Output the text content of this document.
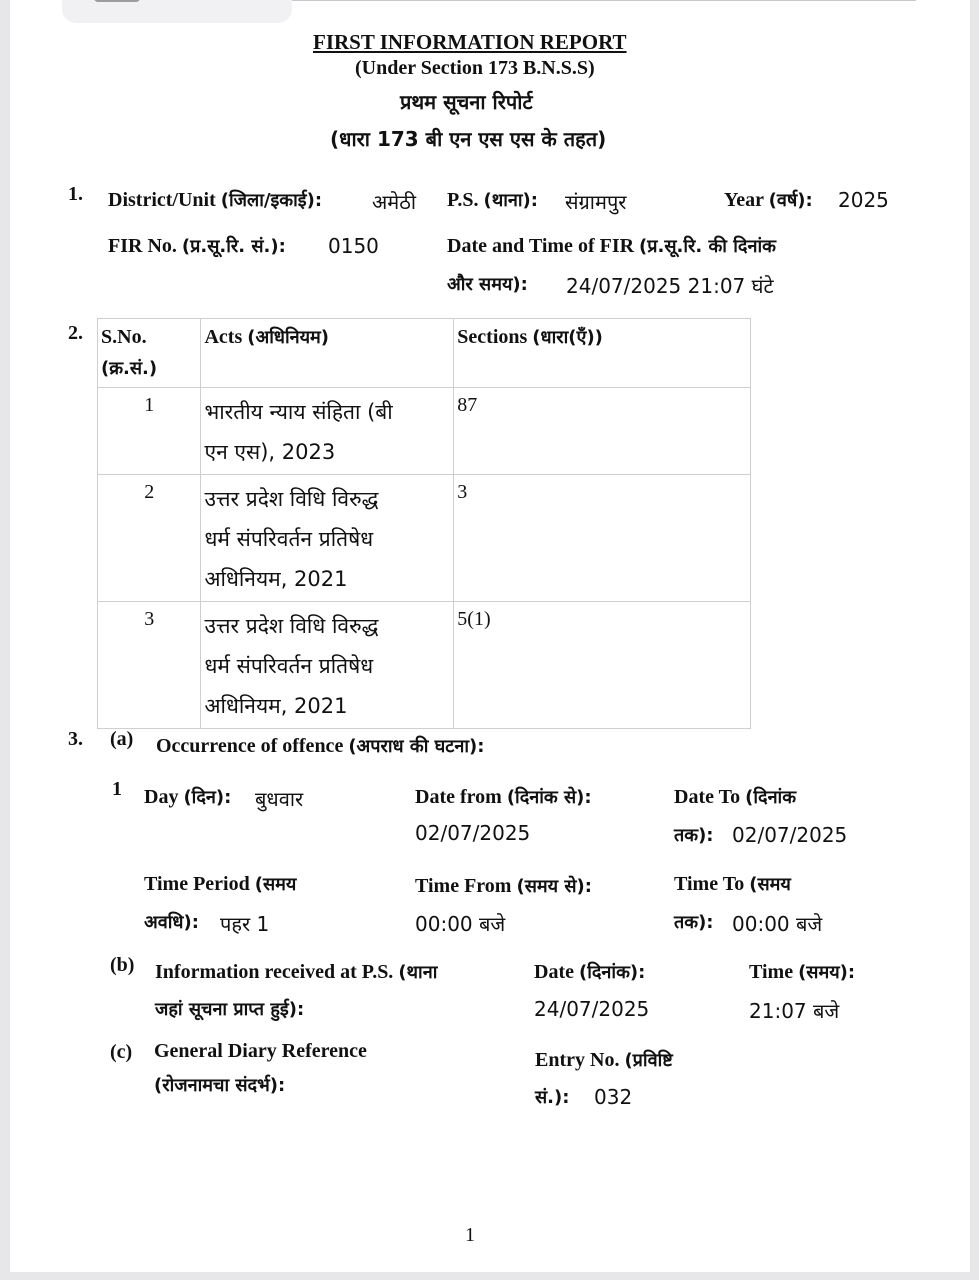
FIRST INFORMATION REPORT
(Under Section 173 B.N.S.S)
प्रथम सूचना रिपोर्ट
(धारा 173 बी एन एस एस के तहत)
1. District/Unit (जिला/इकाई): अमेठी P.S. (थाना): संग्रामपुर	Year (वर्ष): 2025
FIR No. (प्र.सू.रि. सं.): 0150	Date and Time of FIR (प्र.सू.रि. की दिनांक
और समय): 24/07/2025 21:07 घंटे
2. S.No.
(क्र.सं.)	Acts (अधिनियम)	Sections (धारा(एँ))
1	भारतीय न्याय संहिता (बी
एन एस), 2023	87
2	उत्तर प्रदेश विधि विरुद्ध
धर्म संपरिवर्तन प्रतिषेध
अधिनियम, 2021	3
3	उत्तर प्रदेश विधि विरुद्ध
धर्म संपरिवर्तन प्रतिषेध
अधिनियम, 2021	5(1)
3. (a) Occurrence of offence (अपराध की घटना):
1 Day (दिन): बुधवार	Date from (दिनांक से):
02/07/2025
Date To (दिनांक
तक): 02/07/2025
Time Period (समय
अवधि): पहर 1
Time From (समय से):
00:00 बजे
Time To (समय
तक): 00:00 बजे
(b) Information received at P.S. (थाना
जहां सूचना प्राप्त हुई):
Date (दिनांक):
24/07/2025
Time (समय):
21:07 बजे
(c) General Diary Reference
(रोजनामचा संदर्भ):
Entry No. (प्रविष्टि
सं.): 032
1
